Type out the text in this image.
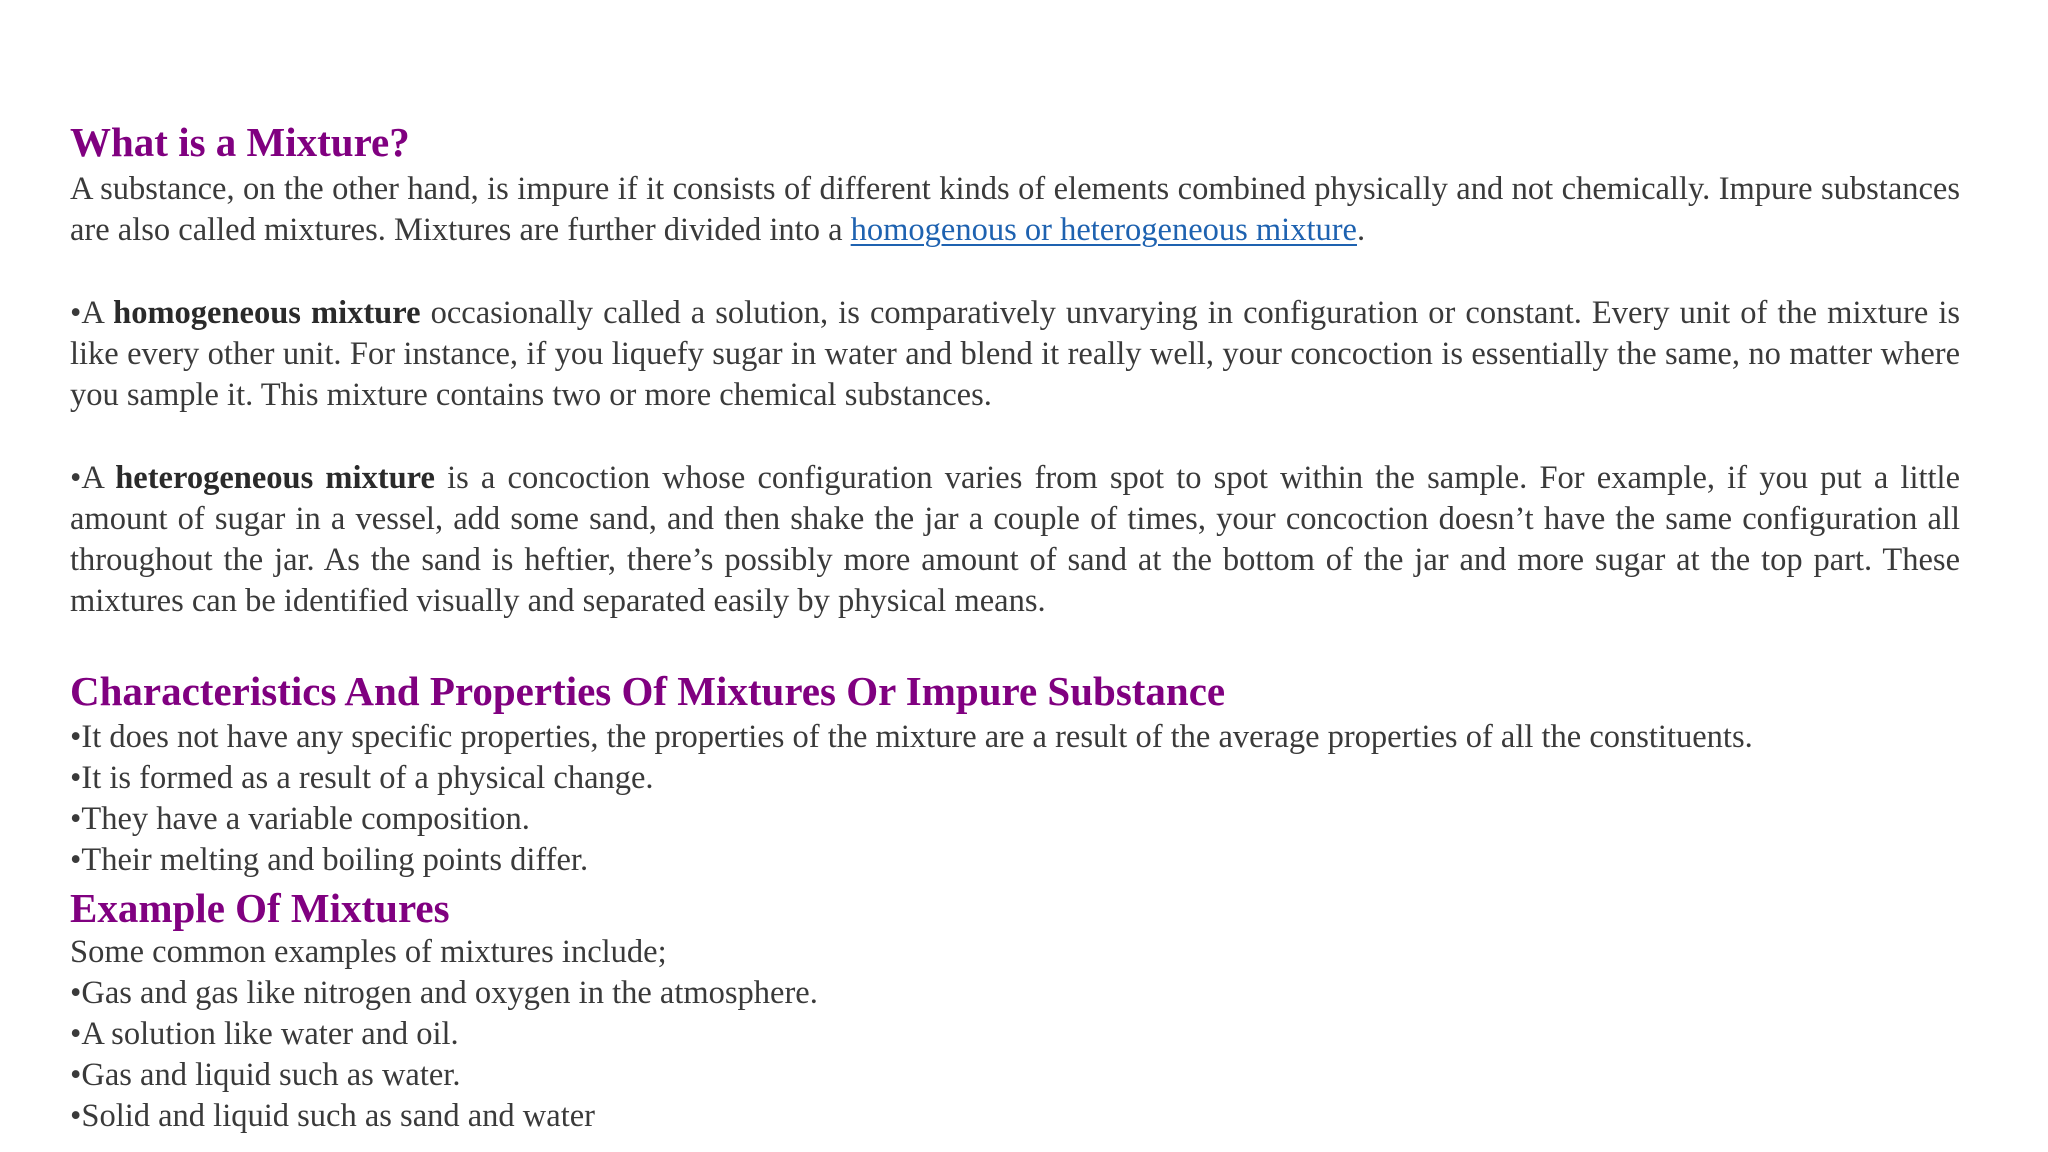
What is a Mixture?

A substance, on the other hand, is impure if it consists of different kinds of elements combined physically and not chemically. Impure substances are also called mixtures. Mixtures are further divided into a homogenous or heterogeneous mixture.

•A homogeneous mixture occasionally called a solution, is comparatively unvarying in configuration or constant. Every unit of the mixture is like every other unit. For instance, if you liquefy sugar in water and blend it really well, your concoction is essentially the same, no matter where you sample it. This mixture contains two or more chemical substances.

•A heterogeneous mixture is a concoction whose configuration varies from spot to spot within the sample. For example, if you put a little amount of sugar in a vessel, add some sand, and then shake the jar a couple of times, your concoction doesn’t have the same configuration all throughout the jar. As the sand is heftier, there’s possibly more amount of sand at the bottom of the jar and more sugar at the top part. These mixtures can be identified visually and separated easily by physical means.

Characteristics And Properties Of Mixtures Or Impure Substance
•It does not have any specific properties, the properties of the mixture are a result of the average properties of all the constituents.
•It is formed as a result of a physical change.
•They have a variable composition.
•Their melting and boiling points differ.
Example Of Mixtures
Some common examples of mixtures include;
•Gas and gas like nitrogen and oxygen in the atmosphere.
•A solution like water and oil.
•Gas and liquid such as water.
•Solid and liquid such as sand and water
